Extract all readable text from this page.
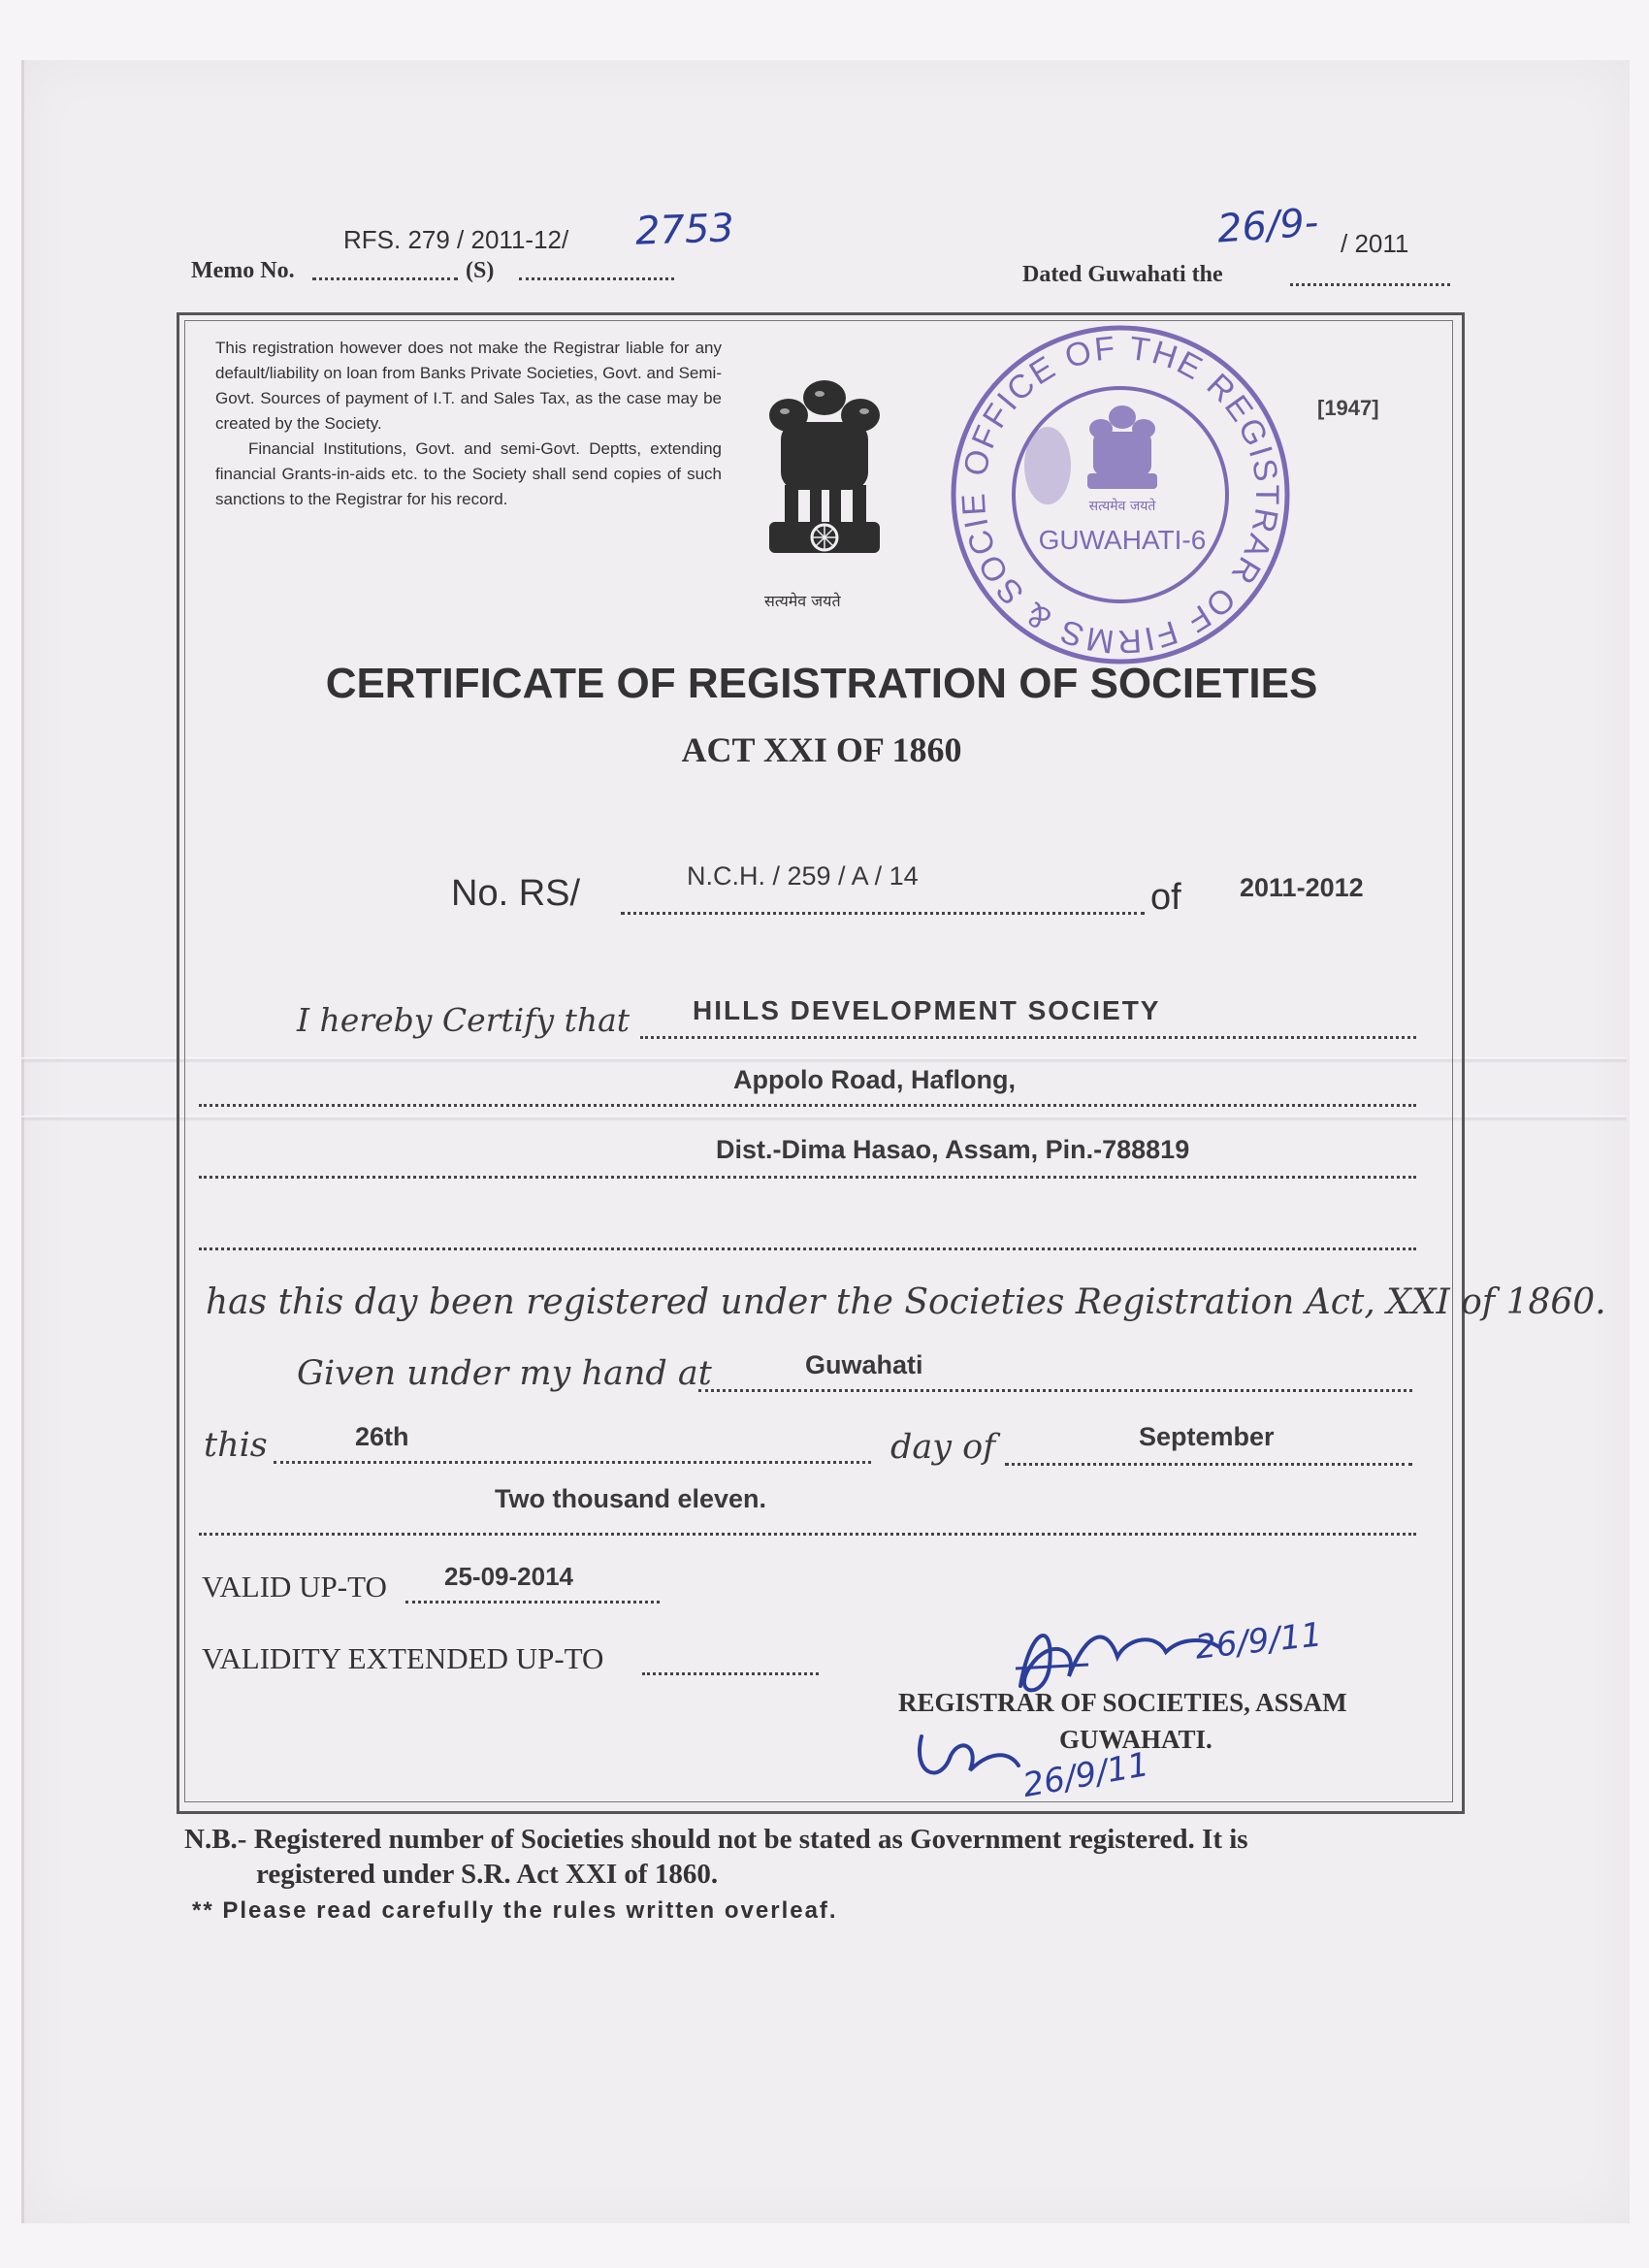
RFS. 279 / 2011-12/ 2753
Memo No.	(S)
26/9- / 2011
Dated Guwahati the

This registration however does not make the Registrar liable for any default/liability on loan from Banks Private Societies, Govt. and Semi-Govt. Sources of payment of I.T. and Sales Tax, as the case may be created by the Society.

Financial Institutions, Govt. and semi-Govt. Deptts, extending financial Grants-in-aids etc. to the Society shall send copies of such sanctions to the Registrar for his record.

सत्यमेव जयते
OFFICE OF THE REGISTRAR OF FIRMS & SOCIE	सत्यमेव जयते
GUWAHATI-6
[1947]
CERTIFICATE OF REGISTRATION OF SOCIETIES
ACT XXI OF 1860
No. RS/	N.C.H. / 259 / A / 14
of 2011-2012
I hereby Certify that HILLS DEVELOPMENT SOCIETY
Appolo Road, Haflong,
Dist.-Dima Hasao, Assam, Pin.-788819
has this day been registered under the Societies Registration Act, XXI of 1860.
Given under my hand at	Guwahati
this	26th	day of	September
Two thousand eleven.
VALID UP-TO 25-09-2014
VALIDITY EXTENDED UP-TO	26/9/11
REGISTRAR OF SOCIETIES, ASSAM
GUWAHATI.
26/9/11
N.B.- Registered number of Societies should not be stated as Government registered. It is
registered under S.R. Act XXI of 1860.
** Please read carefully the rules written overleaf.
